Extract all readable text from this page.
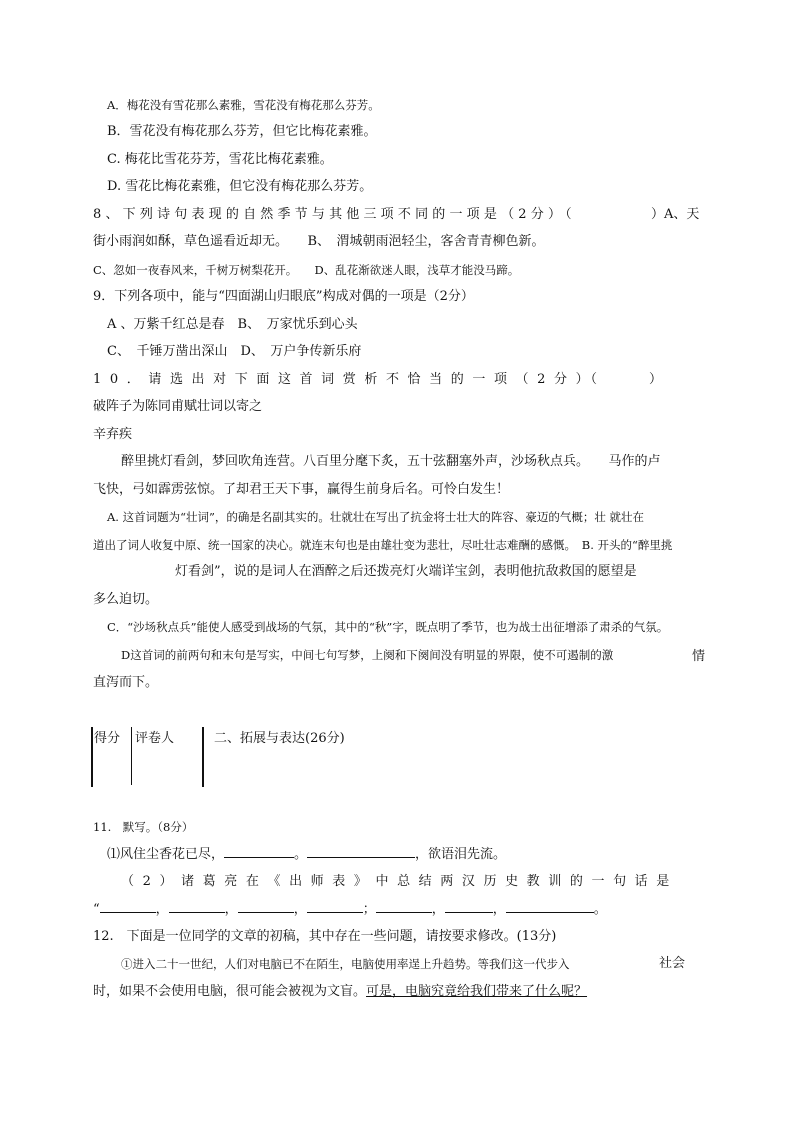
A．梅花没有雪花那么素雅，雪花没有梅花那么芬芳。
B．雪花没有梅花那么芬芳，但它比梅花素雅。
C. 梅花比雪花芬芳，雪花比梅花素雅。
D. 雪花比梅花素雅，但它没有梅花那么芬芳。
8、下列诗句表现的自然季节与其他三项不同的一项是（2分）（	）A、天
街小雨润如酥，草色遥看近却无。　　B、　渭城朝雨浥轻尘，客舍青青柳色新。
C、忽如一夜春风来，千树万树梨花开。　　D、乱花渐欲迷人眼，浅草才能没马蹄。
9．下列各项中，能与“四面湖山归眼底”构成对偶的一项是（2分）
A 、万紫千红总是春　B、　万家忧乐到心头
C、　千锤万凿出深山　D、　万户争传新乐府
10．请选出对下面这首词赏析不恰当的一项（2分）
（　　　　）
破阵子为陈同甫赋壮词以寄之
辛弃疾
醉里挑灯看剑，梦回吹角连营。八百里分麾下炙，五十弦翻塞外声，沙场秋点兵。　　马作的卢
飞快，弓如霹雳弦惊。了却君王天下事，赢得生前身后名。可怜白发生！
A. 这首词题为“壮词”，的确是名副其实的。壮就壮在写出了抗金将士壮大的阵容、豪迈的气概；壮 就壮在
道出了词人收复中原、统一国家的决心。就连末句也是由雄壮变为悲壮，尽吐壮志难酬的感慨。　B. 开头的“醉里挑
灯看剑”，说的是词人在酒醉之后还拨亮灯火端详宝剑，表明他抗敌救国的愿望是
多么迫切。
C．“沙场秋点兵”能使人感受到战场的气氛，其中的“秋”字，既点明了季节，也为战士出征增添了肃杀的气氛。
D这首词的前两句和末句是写实，中间七句写梦，上阕和下阕间没有明显的界限，使不可遏制的激	情
直泻而下。
得分 评卷人	二、拓展与表达(26分)
11.　默写。（8分）
⑴风住尘香花已尽，	。	，欲语泪先流。
（2）诸葛亮在《出师表》中总结两汉历史教训的一句话是
“	，	，	，	；	，	，	。
12.　下面是一位同学的文章的初稿，其中存在一些问题，请按要求修改。(13分)
①进入二十一世纪，人们对电脑已不在陌生，电脑使用率逞上升趋势。等我们这一代步入	社会
时，如果不会使用电脑，很可能会被视为文盲。可是，电脑究竟给我们带来了什么呢？
